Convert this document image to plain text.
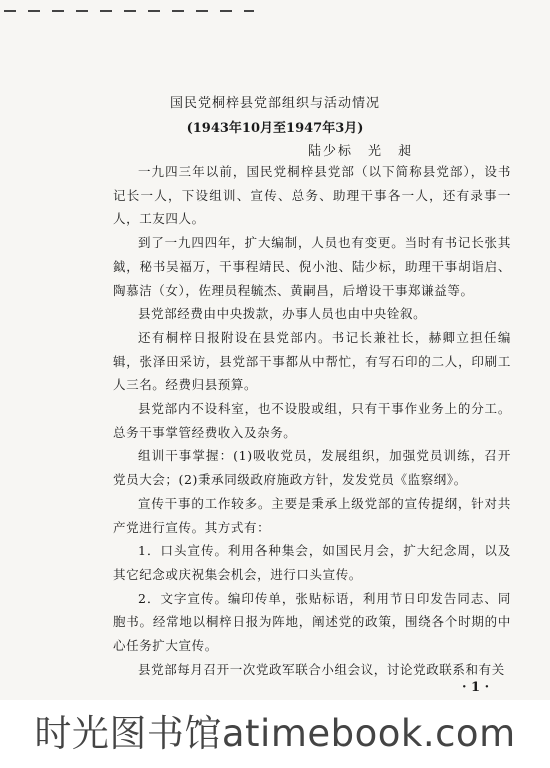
国民党桐梓县党部组织与活动情况
(1943年10月至1947年3月)
陆少标　光　昶

一九四三年以前，国民党桐梓县党部（以下简称县党部），设书记长一人，下设组训、宣传、总务、助理干事各一人，还有录事一人，工友四人。

到了一九四四年，扩大编制，人员也有变更。当时有书记长张其鉞，秘书吴福万，干事程靖民、倪小池、陆少标，助理干事胡诣启、陶慕洁（女），佐理员程毓杰、黄嗣昌，后增设干事郑谦益等。

县党部经费由中央拨款，办事人员也由中央铨叙。

还有桐梓日报附设在县党部内。书记长兼社长，赫卿立担任编辑，张泽田采访，县党部干事都从中帮忙，有写石印的二人，印刷工人三名。经费归县预算。

县党部内不设科室，也不设股或组，只有干事作业务上的分工。总务干事掌管经费收入及杂务。

组训干事掌握：(1)吸收党员，发展组织，加强党员训练，召开党员大会；(2)秉承同级政府施政方针，发发党员《监察纲》。

宣传干事的工作较多。主要是秉承上级党部的宣传提纲，针对共产党进行宣传。其方式有：

1．口头宣传。利用各种集会，如国民月会，扩大纪念周，以及其它纪念或庆祝集会机会，进行口头宣传。

2．文字宣传。编印传单，张贴标语，利用节日印发告同志、同胞书。经常地以桐梓日报为阵地，阐述党的政策，围绕各个时期的中心任务扩大宣传。

县党部每月召开一次党政军联合小组会议，讨论党政联系和有关

· 1 ·
时光图书馆atimebook.com
